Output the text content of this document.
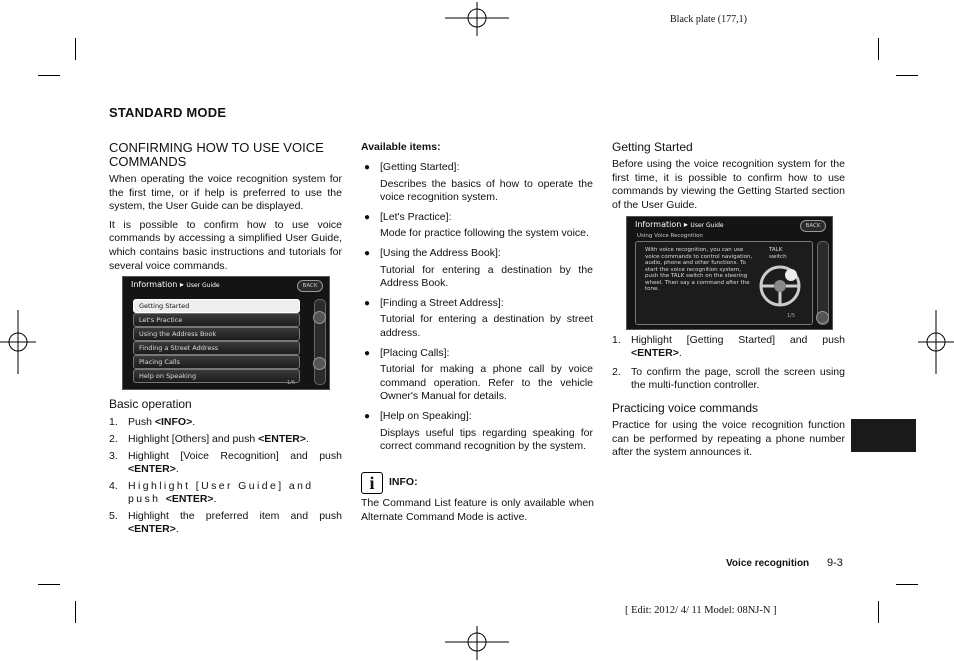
Black plate (177,1)
STANDARD MODE
CONFIRMING HOW TO USE VOICE COMMANDS
When operating the voice recognition system for the first time, or if help is preferred to use the system, the User Guide can be displayed.
It is possible to confirm how to use voice commands by accessing a simplified User Guide, which contains basic instructions and tutorials for several voice commands.
Information ▸ User Guide	BACK
Getting Started
Let's Practice
Using the Address Book
Finding a Street Address
Placing Calls
Help on Speaking
1/6
Basic operation
1. Push <INFO>.
2. Highlight [Others] and push <ENTER>.
3. Highlight [Voice Recognition] and push <ENTER>.
4. Highlight [User Guide] and push <ENTER>.
5. Highlight the preferred item and push <ENTER>.
Available items:
● [Getting Started]:
Describes the basics of how to operate the voice recognition system.
● [Let's Practice]:
Mode for practice following the system voice.
● [Using the Address Book]:
Tutorial for entering a destination by the Address Book.
● [Finding a Street Address]:
Tutorial for entering a destination by street address.
● [Placing Calls]:
Tutorial for making a phone call by voice command operation. Refer to the vehicle Owner's Manual for details.
● [Help on Speaking]:
Displays useful tips regarding speaking for correct command recognition by the system.
i	INFO:
The Command List feature is only available when Alternate Command Mode is active.
Getting Started
Before using the voice recognition system for the first time, it is possible to confirm how to use commands by viewing the Getting Started section of the User Guide.
Information ▸ User Guide	BACK
Using Voice Recognition
With voice recognition, you can use voice commands to control navigation, audio, phone and other functions. To start the voice recognition system, push the TALK switch on the steering wheel. Then say a command after the tone.
TALK switch
1/5
1. Highlight [Getting Started] and push <ENTER>.
2. To confirm the page, scroll the screen using the multi-function controller.
Practicing voice commands
Practice for using the voice recognition function can be performed by repeating a phone number after the system announces it.
Voice recognition 9-3
[ Edit: 2012/ 4/ 11 Model: 08NJ-N ]
